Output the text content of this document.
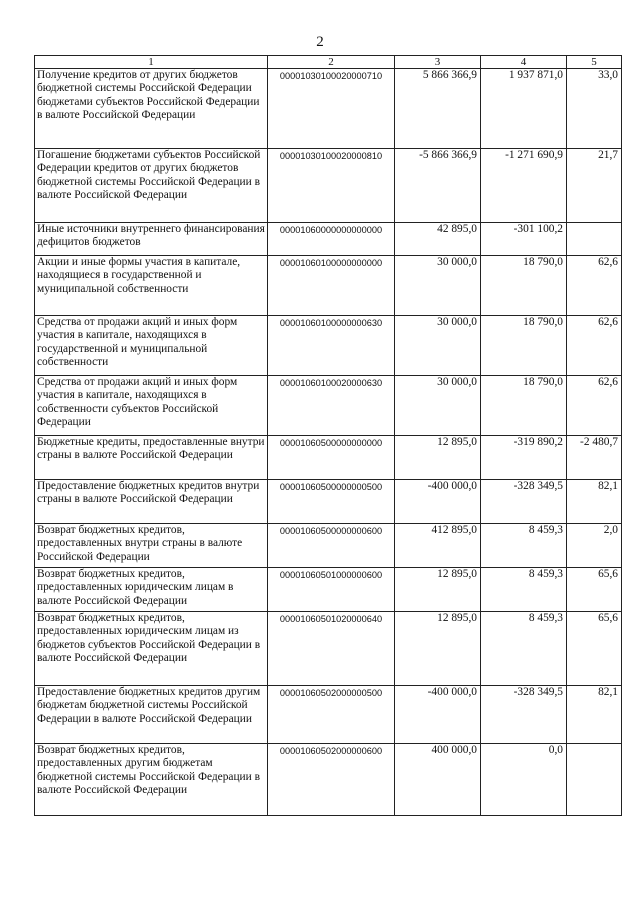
2
1	2	3	4	5
Получение кредитов от других бюджетов бюджетной системы Российской Федерации бюджетами субъектов Российской Федерации в валюте Российской Федерации	00001030100020000710	5 866 366,9	1 937 871,0	33,0
Погашение бюджетами субъектов Российской Федерации кредитов от других бюджетов бюджетной системы Российской Федерации в валюте Российской Федерации	00001030100020000810	-5 866 366,9	-1 271 690,9	21,7
Иные источники внутреннего финансирования дефицитов бюджетов	00001060000000000000	42 895,0	-301 100,2	
Акции и иные формы участия в капитале, находящиеся в государственной и муниципальной собственности	00001060100000000000	30 000,0	18 790,0	62,6
Средства от продажи акций и иных форм участия в капитале, находящихся в государственной и муниципальной собственности	00001060100000000630	30 000,0	18 790,0	62,6
Средства от продажи акций и иных форм участия в капитале, находящихся в собственности субъектов Российской Федерации	00001060100020000630	30 000,0	18 790,0	62,6
Бюджетные кредиты, предоставленные внутри страны в валюте Российской Федерации	00001060500000000000	12 895,0	-319 890,2	-2 480,7
Предоставление бюджетных кредитов внутри страны в валюте Российской Федерации	00001060500000000500	-400 000,0	-328 349,5	82,1
Возврат бюджетных кредитов, предоставленных внутри страны в валюте Российской Федерации	00001060500000000600	412 895,0	8 459,3	2,0
Возврат бюджетных кредитов, предоставленных юридическим лицам в валюте Российской Федерации	00001060501000000600	12 895,0	8 459,3	65,6
Возврат бюджетных кредитов, предоставленных юридическим лицам из бюджетов субъектов Российской Федерации в валюте Российской Федерации	00001060501020000640	12 895,0	8 459,3	65,6
Предоставление бюджетных кредитов другим бюджетам бюджетной системы Российской Федерации в валюте Российской Федерации	00001060502000000500	-400 000,0	-328 349,5	82,1
Возврат бюджетных кредитов, предоставленных другим бюджетам бюджетной системы Российской Федерации в валюте Российской Федерации	00001060502000000600	400 000,0	0,0	
